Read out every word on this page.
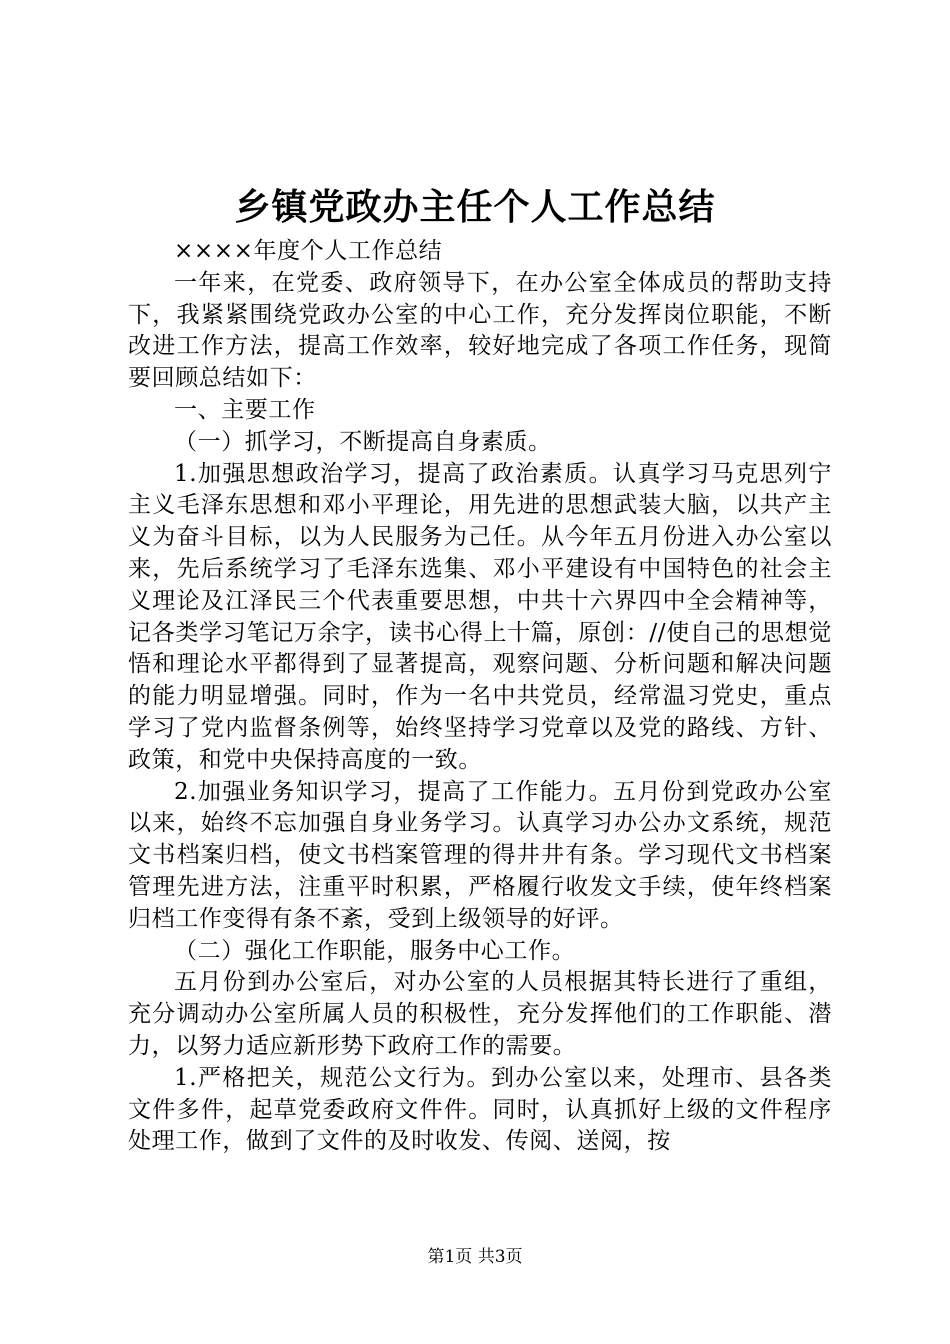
乡镇党政办主任个人工作总结

××××年度个人工作总结

一年来，在党委、政府领导下，在办公室全体成员的帮助支持下，我紧紧围绕党政办公室的中心工作，充分发挥岗位职能，不断改进工作方法，提高工作效率，较好地完成了各项工作任务，现简要回顾总结如下：

一、主要工作

（一）抓学习，不断提高自身素质。

1.加强思想政治学习，提高了政治素质。认真学习马克思列宁主义毛泽东思想和邓小平理论，用先进的思想武装大脑，以共产主义为奋斗目标，以为人民服务为己任。从今年五月份进入办公室以来，先后系统学习了毛泽东选集、邓小平建设有中国特色的社会主义理论及江泽民三个代表重要思想，中共十六界四中全会精神等，记各类学习笔记万余字，读书心得上十篇，原创：//使自己的思想觉悟和理论水平都得到了显著提高，观察问题、分析问题和解决问题的能力明显增强。同时，作为一名中共党员，经常温习党史，重点学习了党内监督条例等，始终坚持学习党章以及党的路线、方针、政策，和党中央保持高度的一致。

2.加强业务知识学习，提高了工作能力。五月份到党政办公室以来，始终不忘加强自身业务学习。认真学习办公办文系统，规范文书档案归档，使文书档案管理的得井井有条。学习现代文书档案管理先进方法，注重平时积累，严格履行收发文手续，使年终档案归档工作变得有条不紊，受到上级领导的好评。

（二）强化工作职能，服务中心工作。

五月份到办公室后，对办公室的人员根据其特长进行了重组，充分调动办公室所属人员的积极性，充分发挥他们的工作职能、潜力，以努力适应新形势下政府工作的需要。

1.严格把关，规范公文行为。到办公室以来，处理市、县各类文件多件，起草党委政府文件件。同时，认真抓好上级的文件程序处理工作，做到了文件的及时收发、传阅、送阅，按

第1页 共3页
